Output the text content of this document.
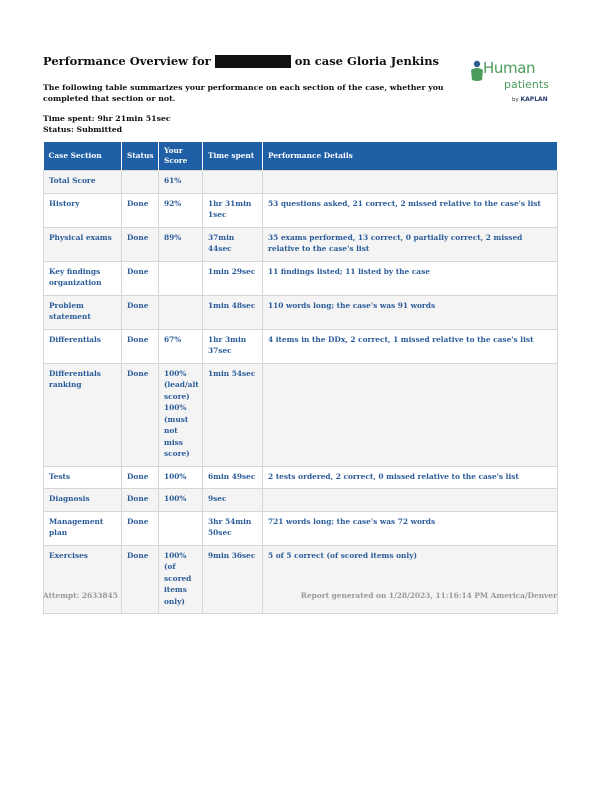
Performance Overview for	on case Gloria Jenkins
The following table summarizes your performance on each section of the case, whether you completed that section or not.
Time spent: 9hr 21min 51sec
Status: Submitted
Human
patients
by KAPLAN
Case Section	Status	Your Score	Time spent	Performance Details
Total Score		61%		
History	Done	92%	1hr 31min 1sec	53 questions asked, 21 correct, 2 missed relative to the case's list
Physical exams	Done	89%	37min 44sec	35 exams performed, 13 correct, 0 partially correct, 2 missed relative to the case's list
Key findings organization	Done		1min 29sec	11 findings listed; 11 listed by the case
Problem statement	Done		1min 48sec	110 words long; the case's was 91 words
Differentials	Done	67%	1hr 3min 37sec	4 items in the DDx, 2 correct, 1 missed relative to the case's list
Differentials ranking	Done	100% (lead/alt score) 100% (must not miss score)	1min 54sec	
Tests	Done	100%	6min 49sec	2 tests ordered, 2 correct, 0 missed relative to the case's list
Diagnosis	Done	100%	9sec	
Management plan	Done		3hr 54min 50sec	721 words long; the case's was 72 words
Exercises	Done	100% (of scored items only)	9min 36sec	5 of 5 correct (of scored items only)
Attempt: 2633845	Report generated on 1/28/2023, 11:16:14 PM America/Denver
